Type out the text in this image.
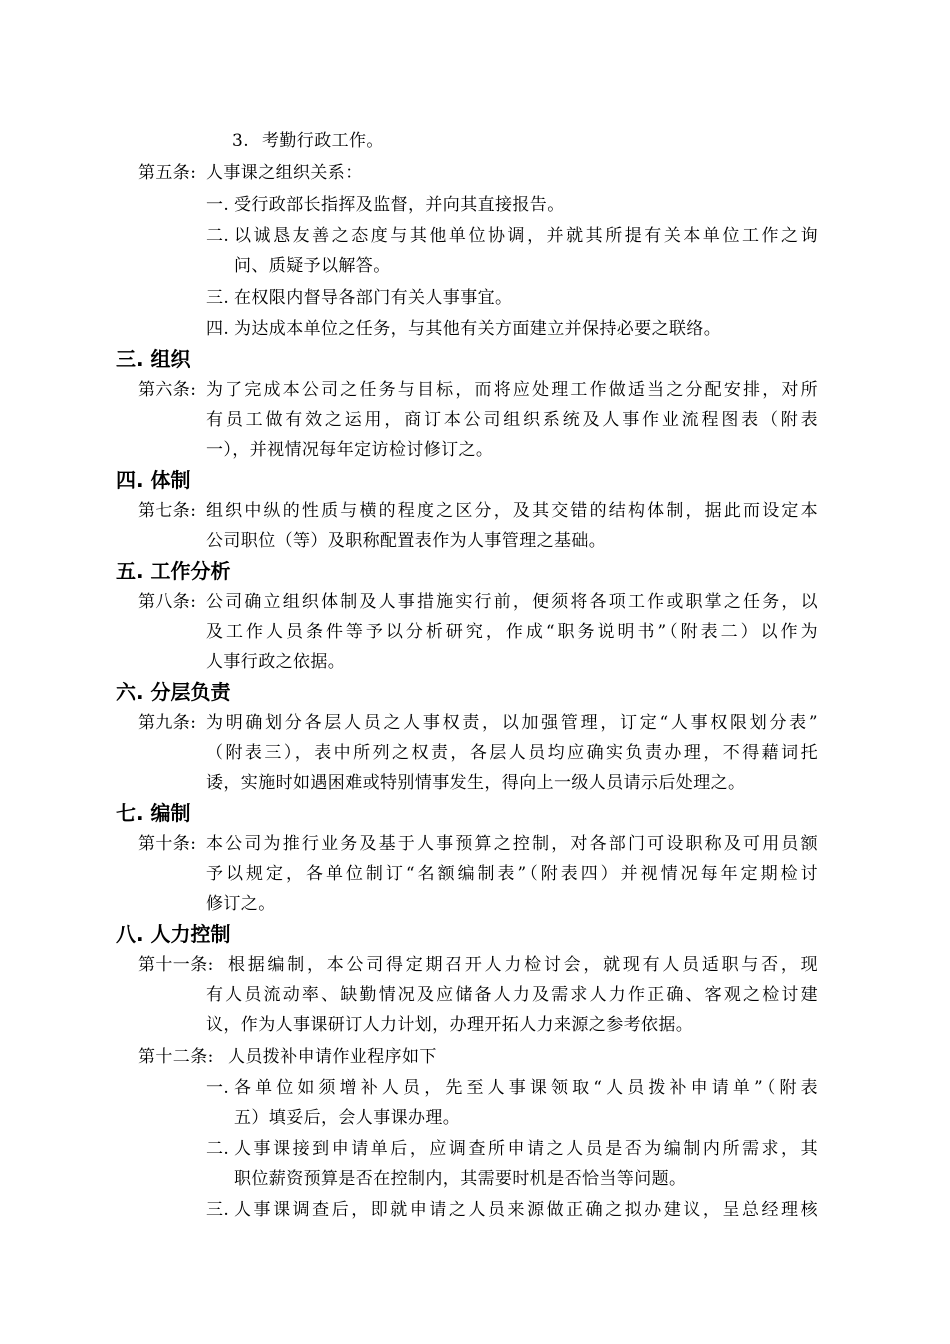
3. 考勤行政工作。
第五条: 人事课之组织关系：
一. 受行政部长指挥及监督，并向其直接报告。
二. 以诚恳友善之态度与其他单位协调，并就其所提有关本单位工作之询
问、质疑予以解答。
三. 在权限内督导各部门有关人事事宜。
四. 为达成本单位之任务，与其他有关方面建立并保持必要之联络。
三. 组织
第六条: 为了完成本公司之任务与目标，而将应处理工作做适当之分配安排，对所
有员工做有效之运用，商订本公司组织系统及人事作业流程图表（附表
一），并视情况每年定访检讨修订之。
四. 体制
第七条: 组织中纵的性质与横的程度之区分，及其交错的结构体制，据此而设定本
公司职位（等）及职称配置表作为人事管理之基础。
五. 工作分析
第八条: 公司确立组织体制及人事措施实行前，便须将各项工作或职掌之任务，以
及工作人员条件等予以分析研究，作成“职务说明书”（附表二）以作为
人事行政之依据。
六. 分层负责
第九条: 为明确划分各层人员之人事权责，以加强管理，订定“人事权限划分表”
（附表三），表中所列之权责，各层人员均应确实负责办理，不得藉词托
诿，实施时如遇困难或特别情事发生，得向上一级人员请示后处理之。
七. 编制
第十条: 本公司为推行业务及基于人事预算之控制，对各部门可设职称及可用员额
予以规定，各单位制订“名额编制表”（附表四）并视情况每年定期检讨
修订之。
八. 人力控制
第十一条: 根据编制，本公司得定期召开人力检讨会，就现有人员适职与否，现
有人员流动率、缺勤情况及应储备人力及需求人力作正确、客观之检讨建
议，作为人事课研订人力计划，办理开拓人力来源之参考依据。
第十二条: 人员拨补申请作业程序如下
一. 各单位如须增补人员，先至人事课领取“人员拨补申请单”（附表
五）填妥后，会人事课办理。
二. 人事课接到申请单后，应调查所申请之人员是否为编制内所需求，其
职位薪资预算是否在控制内，其需要时机是否恰当等问题。
三. 人事课调查后，即就申请之人员来源做正确之拟办建议，呈总经理核
